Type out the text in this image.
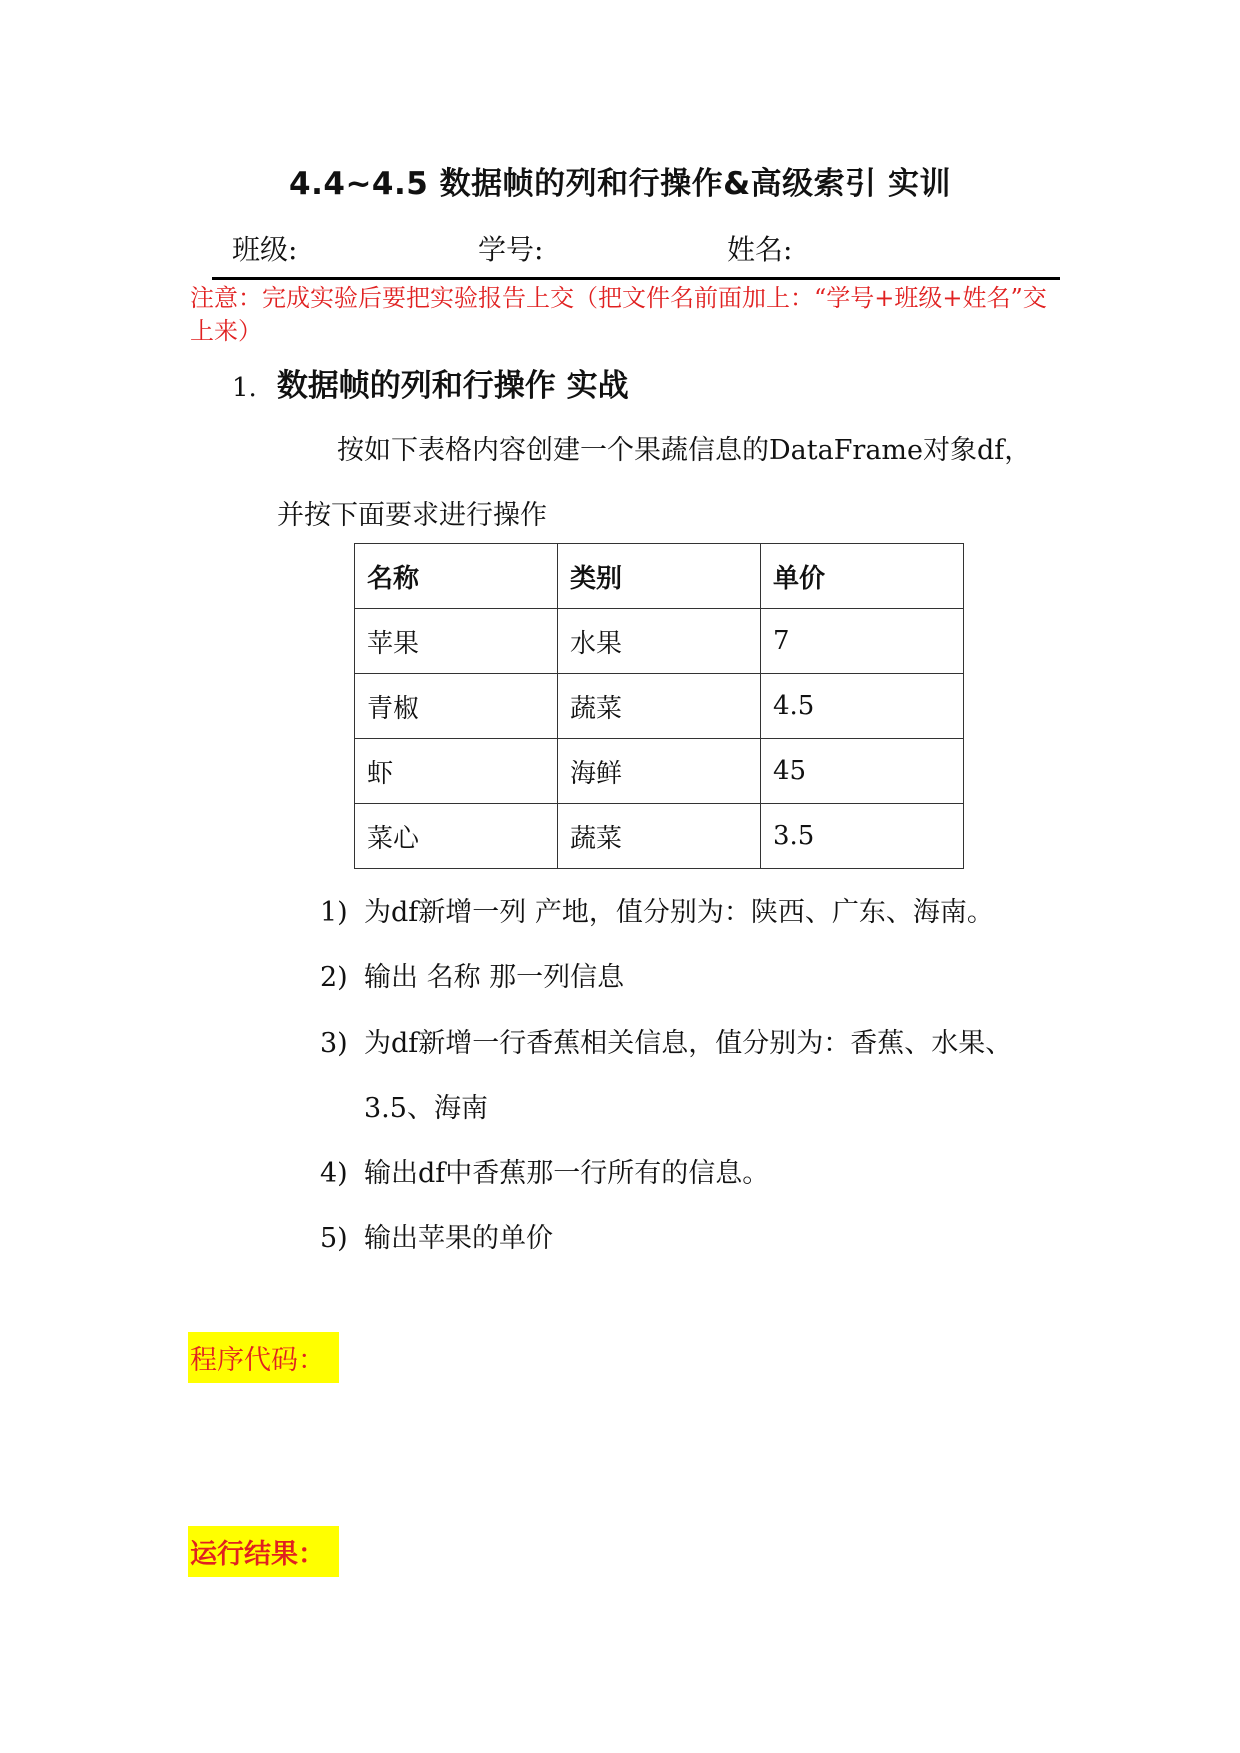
4.4~4.5 数据帧的列和行操作&高级索引 实训
班级:	学号:	姓名:
注意：完成实验后要把实验报告上交（把文件名前面加上：“学号+班级+姓名”交上来）
1. 数据帧的列和行操作 实战
按如下表格内容创建一个果蔬信息的DataFrame对象df，
并按下面要求进行操作
名称	类别	单价
苹果	水果	7
青椒	蔬菜	4.5
虾	海鲜	45
菜心	蔬菜	3.5
1) 为df新增一列 产地，值分别为：陕西、广东、海南。
2) 输出 名称 那一列信息
3) 为df新增一行香蕉相关信息，值分别为：香蕉、水果、
3.5、海南
4) 输出df中香蕉那一行所有的信息。
5) 输出苹果的单价
程序代码：
运行结果：
